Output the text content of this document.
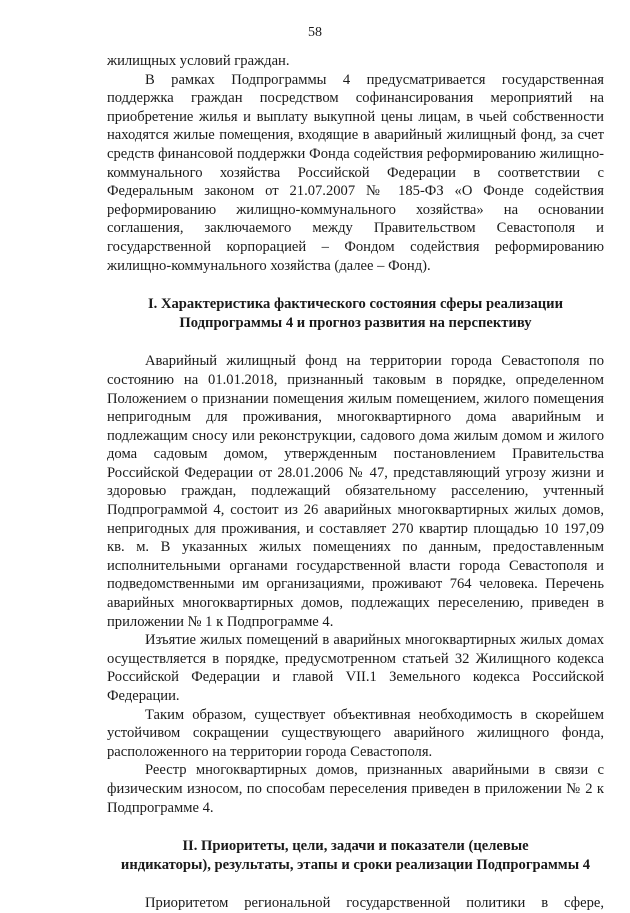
58

жилищных условий граждан.

В рамках Подпрограммы 4 предусматривается государственная поддержка граждан посредством софинансирования мероприятий на приобретение жилья и выплату выкупной цены лицам, в чьей собственности находятся жилые помещения, входящие в аварийный жилищный фонд, за счет средств финансовой поддержки Фонда содействия реформированию жилищно-коммунального хозяйства Российской Федерации в соответствии с Федеральным законом от 21.07.2007 № 185-ФЗ «О Фонде содействия реформированию жилищно-коммунального хозяйства» на основании соглашения, заключаемого между Правительством Севастополя и государственной корпорацией – Фондом содействия реформированию жилищно-коммунального хозяйства (далее – Фонд).

I. Характеристика фактического состояния сферы реализации

Подпрограммы 4 и прогноз развития на перспективу

Аварийный жилищный фонд на территории города Севастополя по состоянию на 01.01.2018, признанный таковым в порядке, определенном Положением о признании помещения жилым помещением, жилого помещения непригодным для проживания, многоквартирного дома аварийным и подлежащим сносу или реконструкции, садового дома жилым домом и жилого дома садовым домом, утвержденным постановлением Правительства Российской Федерации от 28.01.2006 № 47, представляющий угрозу жизни и здоровью граждан, подлежащий обязательному расселению, учтенный Подпрограммой 4, состоит из 26 аварийных многоквартирных жилых домов, непригодных для проживания, и составляет 270 квартир площадью 10 197,09 кв. м. В указанных жилых помещениях по данным, предоставленным исполнительными органами государственной власти города Севастополя и подведомственными им организациями, проживают 764 человека. Перечень аварийных многоквартирных домов, подлежащих переселению, приведен в приложении № 1 к Подпрограмме 4.

Изъятие жилых помещений в аварийных многоквартирных жилых домах осуществляется в порядке, предусмотренном статьей 32 Жилищного кодекса Российской Федерации и главой VII.1 Земельного кодекса Российской Федерации.

Таким образом, существует объективная необходимость в скорейшем устойчивом сокращении существующего аварийного жилищного фонда, расположенного на территории города Севастополя.

Реестр многоквартирных домов, признанных аварийными в связи с физическим износом, по способам переселения приведен в приложении № 2 к Подпрограмме 4.

II. Приоритеты, цели, задачи и показатели (целевые

индикаторы), результаты, этапы и сроки реализации Подпрограммы 4

Приоритетом региональной государственной политики в сфере,
